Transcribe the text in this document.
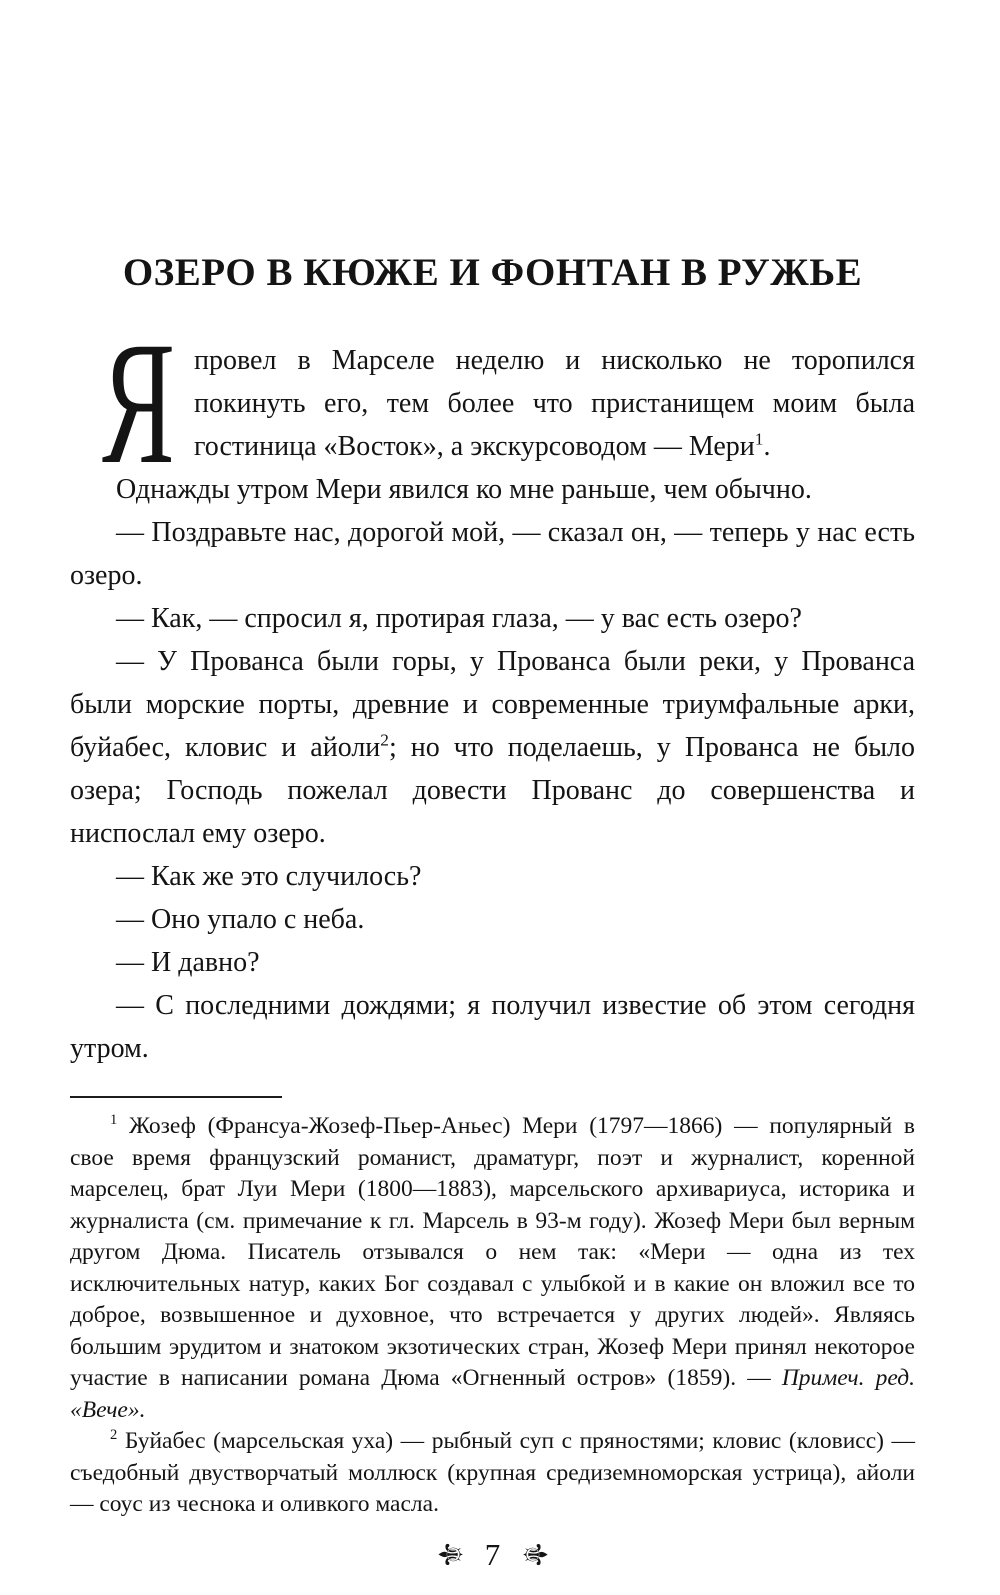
ОЗЕРО В КЮЖЕ И ФОНТАН В РУЖЬЕ

Япровел в Марселе неделю и нисколько не торопился покинуть его, тем более что пристанищем моим была гостиница «Восток», а экскурсоводом — Мери$^1$.

Однажды утром Мери явился ко мне раньше, чем обычно.

— Поздравьте нас, дорогой мой, — сказал он, — теперь у нас есть озеро.

— Как, — спросил я, протирая глаза, — у вас есть озеро?

— У Прованса были горы, у Прованса были реки, у Прованса были морские порты, древние и современные триумфальные арки, буйабес, кловис и айоли$^2$; но что поделаешь, у Прованса не было озера; Господь пожелал довести Прованс до совершенства и ниспослал ему озеро.

— Как же это случилось?

— Оно упало с неба.

— И давно?

— С последними дождями; я получил известие об этом сегодня утром.

$^1$ Жозеф (Франсуа-Жозеф-Пьер-Аньес) Мери (1797—1866) — популярный в свое время французский романист, драматург, поэт и журналист, коренной марселец, брат Луи Мери (1800—1883), марсельского архивариуса, историка и журналиста (см. примечание к гл. Марсель в 93-м году). Жозеф Мери был верным другом Дюма. Писатель отзывался о нем так: «Мери — одна из тех исключительных натур, каких Бог создавал с улыбкой и в какие он вложил все то доброе, возвышенное и духовное, что встречается у других людей». Являясь большим эрудитом и знатоком экзотических стран, Жозеф Мери принял некоторое участие в написании романа Дюма «Огненный остров» (1859). — Примеч. ред. «Вече».

$^2$ Буйабес (марсельская уха) — рыбный суп с пряностями; кловис (кловисс) — съедобный двустворчатый моллюск (крупная средиземноморская устрица), айоли — соус из чеснока и оливкого масла.

⚜ 7 ⚜
